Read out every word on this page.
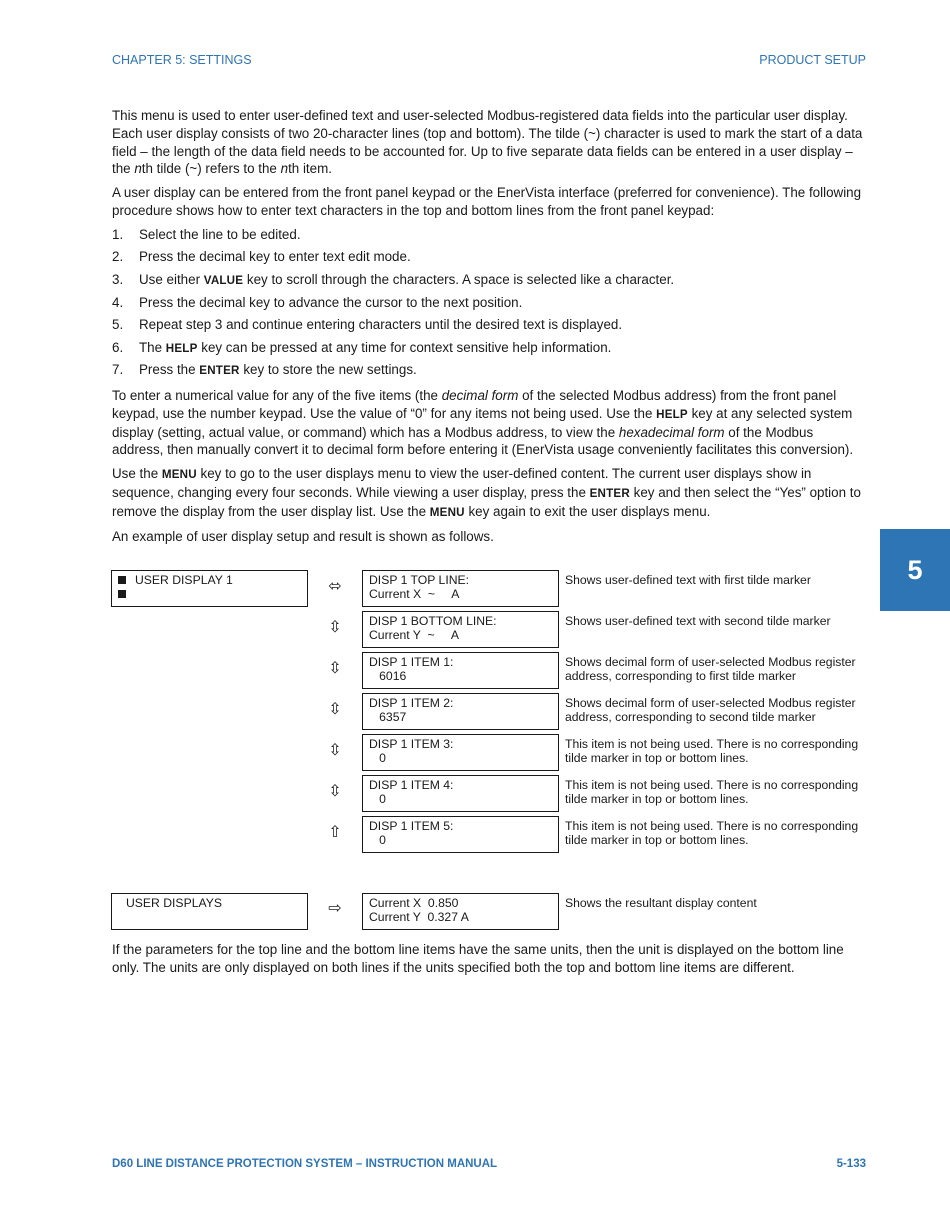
CHAPTER 5: SETTINGS	PRODUCT SETUP
5

This menu is used to enter user-defined text and user-selected Modbus-registered data fields into the particular user display. Each user display consists of two 20-character lines (top and bottom). The tilde (~) character is used to mark the start of a data field – the length of the data field needs to be accounted for. Up to five separate data fields can be entered in a user display – the nth tilde (~) refers to the nth item.

A user display can be entered from the front panel keypad or the EnerVista interface (preferred for convenience). The following procedure shows how to enter text characters in the top and bottom lines from the front panel keypad:

1.	Select the line to be edited.
2.	Press the decimal key to enter text edit mode.
3.	Use either VALUE key to scroll through the characters. A space is selected like a character.
4.	Press the decimal key to advance the cursor to the next position.
5.	Repeat step 3 and continue entering characters until the desired text is displayed.
6.	The HELP key can be pressed at any time for context sensitive help information.
7.	Press the ENTER key to store the new settings.

To enter a numerical value for any of the five items (the decimal form of the selected Modbus address) from the front panel keypad, use the number keypad. Use the value of “0” for any items not being used. Use the HELP key at any selected system display (setting, actual value, or command) which has a Modbus address, to view the hexadecimal form of the Modbus address, then manually convert it to decimal form before entering it (EnerVista usage conveniently facilitates this conversion).

Use the MENU key to go to the user displays menu to view the user-defined content. The current user displays show in sequence, changing every four seconds. While viewing a user display, press the ENTER key and then select the “Yes” option to remove the display from the user display list. Use the MENU key again to exit the user displays menu.

An example of user display setup and result is shown as follows.

USER DISPLAY 1	⬄	DISP 1 TOP LINE:
Current X  ~     A
Shows user-defined text with first tilde marker
⇳	DISP 1 BOTTOM LINE:
Current Y  ~     A
Shows user-defined text with second tilde marker
⇳	DISP 1 ITEM 1:
6016
Shows decimal form of user-selected Modbus register address, corresponding to first tilde marker
⇳	DISP 1 ITEM 2:
6357
Shows decimal form of user-selected Modbus register address, corresponding to second tilde marker
⇳	DISP 1 ITEM 3:
0
This item is not being used. There is no corresponding tilde marker in top or bottom lines.
⇳	DISP 1 ITEM 4:
0
This item is not being used. There is no corresponding tilde marker in top or bottom lines.
⇧	DISP 1 ITEM 5:
0
This item is not being used. There is no corresponding tilde marker in top or bottom lines.
USER DISPLAYS	⇨	Current X  0.850
Current Y  0.327 A
Shows the resultant display content
If the parameters for the top line and the bottom line items have the same units, then the unit is displayed on the bottom line only. The units are only displayed on both lines if the units specified both the top and bottom line items are different.
D60 LINE DISTANCE PROTECTION SYSTEM – INSTRUCTION MANUAL	5-133
